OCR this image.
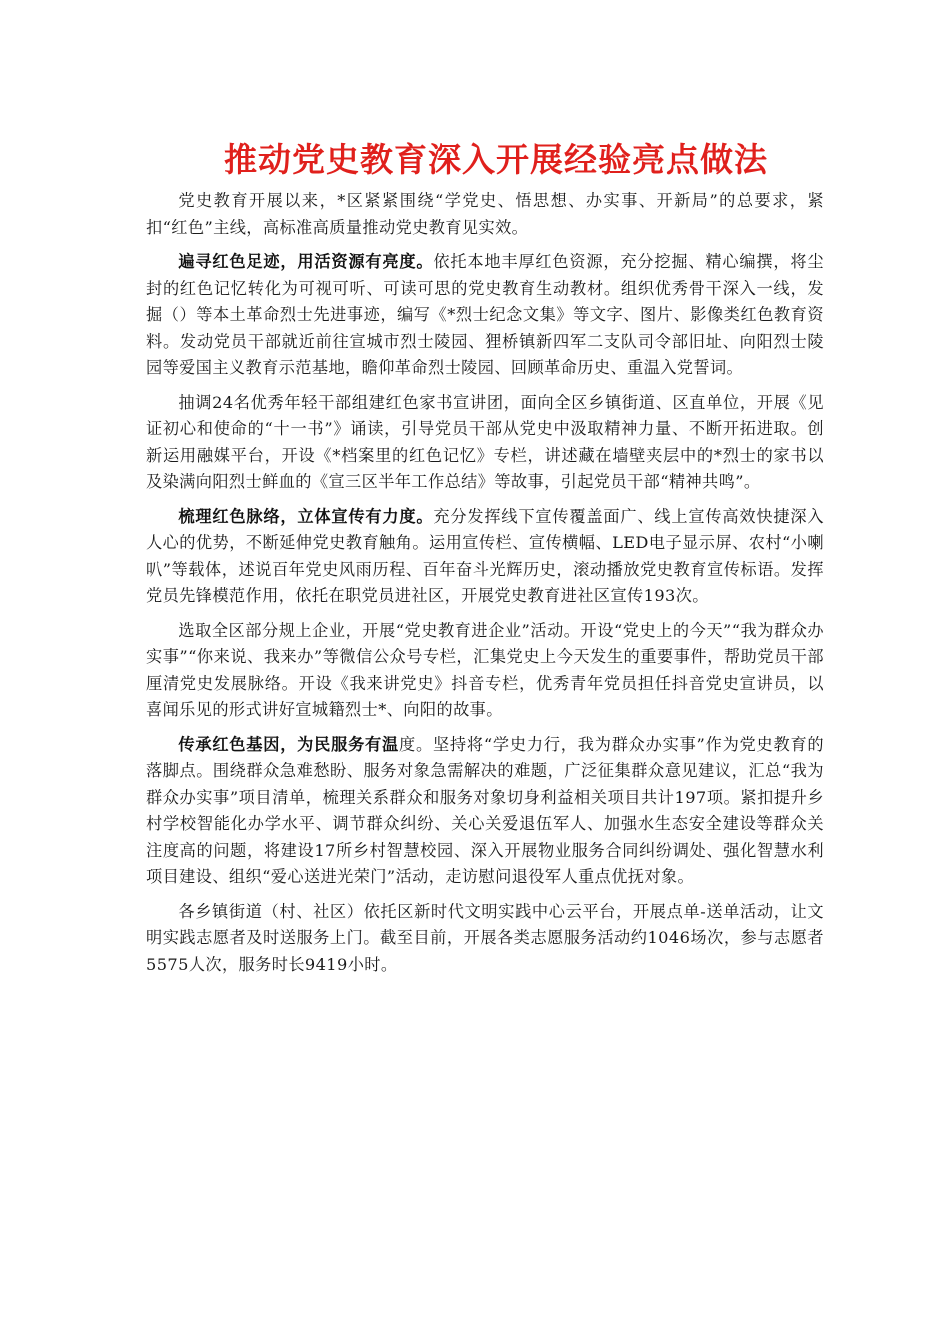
推动党史教育深入开展经验亮点做法

党史教育开展以来，*区紧紧围绕“学党史、悟思想、办实事、开新局”的总要求，紧扣“红色”主线，高标准高质量推动党史教育见实效。

遍寻红色足迹，用活资源有亮度。依托本地丰厚红色资源，充分挖掘、精心编撰，将尘封的红色记忆转化为可视可听、可读可思的党史教育生动教材。组织优秀骨干深入一线，发掘（）等本土革命烈士先进事迹，编写《*烈士纪念文集》等文字、图片、影像类红色教育资料。发动党员干部就近前往宣城市烈士陵园、狸桥镇新四军二支队司令部旧址、向阳烈士陵园等爱国主义教育示范基地，瞻仰革命烈士陵园、回顾革命历史、重温入党誓词。

抽调24名优秀年轻干部组建红色家书宣讲团，面向全区乡镇街道、区直单位，开展《见证初心和使命的“十一书”》诵读，引导党员干部从党史中汲取精神力量、不断开拓进取。创新运用融媒平台，开设《*档案里的红色记忆》专栏，讲述藏在墙壁夹层中的*烈士的家书以及染满向阳烈士鲜血的《宣三区半年工作总结》等故事，引起党员干部“精神共鸣”。

梳理红色脉络，立体宣传有力度。充分发挥线下宣传覆盖面广、线上宣传高效快捷深入人心的优势，不断延伸党史教育触角。运用宣传栏、宣传横幅、LED电子显示屏、农村“小喇叭”等载体，述说百年党史风雨历程、百年奋斗光辉历史，滚动播放党史教育宣传标语。发挥党员先锋模范作用，依托在职党员进社区，开展党史教育进社区宣传193次。

选取全区部分规上企业，开展“党史教育进企业”活动。开设“党史上的今天”“我为群众办实事”“你来说、我来办”等微信公众号专栏，汇集党史上今天发生的重要事件，帮助党员干部厘清党史发展脉络。开设《我来讲党史》抖音专栏，优秀青年党员担任抖音党史宣讲员，以喜闻乐见的形式讲好宣城籍烈士*、向阳的故事。

传承红色基因，为民服务有温度。坚持将“学史力行，我为群众办实事”作为党史教育的落脚点。围绕群众急难愁盼、服务对象急需解决的难题，广泛征集群众意见建议，汇总“我为群众办实事”项目清单，梳理关系群众和服务对象切身利益相关项目共计197项。紧扣提升乡村学校智能化办学水平、调节群众纠纷、关心关爱退伍军人、加强水生态安全建设等群众关注度高的问题，将建设17所乡村智慧校园、深入开展物业服务合同纠纷调处、强化智慧水利项目建设、组织“爱心送进光荣门”活动，走访慰问退役军人重点优抚对象。

各乡镇街道（村、社区）依托区新时代文明实践中心云平台，开展点单-送单活动，让文明实践志愿者及时送服务上门。截至目前，开展各类志愿服务活动约1046场次，参与志愿者5575人次，服务时长9419小时。
